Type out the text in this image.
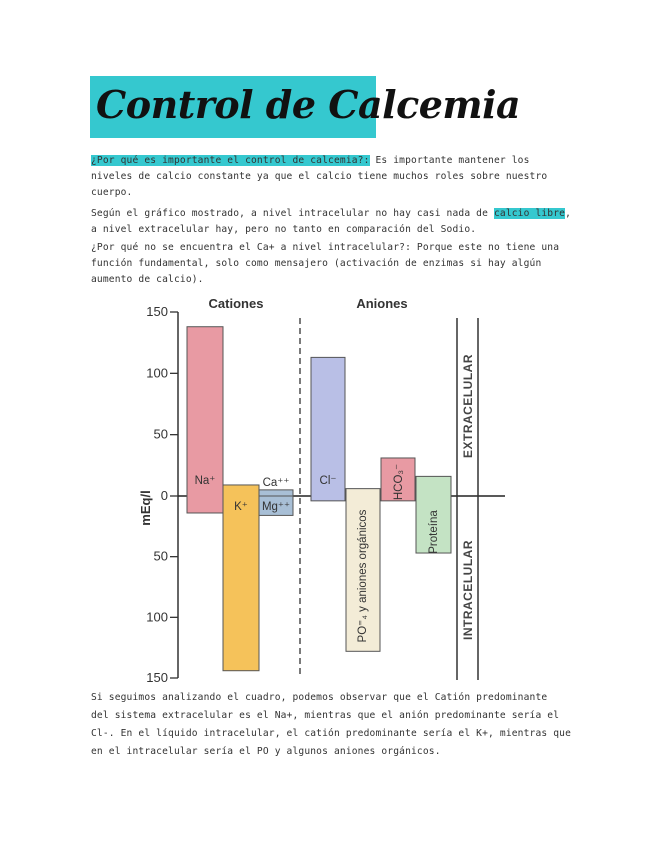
Control de Calcemia
¿Por qué es importante el control de calcemia?: Es importante mantener los
niveles de calcio constante ya que el calcio tiene muchos roles sobre nuestro
cuerpo.
Según el gráfico mostrado, a nivel intracelular no hay casi nada de calcio libre,
a nivel extracelular hay, pero no tanto en comparación del Sodio.
¿Por qué no se encuentra el Ca+ a nivel intracelular?: Porque este no tiene una
función fundamental, solo como mensajero (activación de enzimas si hay algún
aumento de calcio).
Cationes	Aniones
mEq/l
EXTRACELULAR
INTRACELULAR
Na⁺
K⁺
Ca⁺⁺
Mg⁺⁺
Cl⁻
PO⁼₄ y aniones orgánicos
HCO₃⁻
Proteína
150
100
50
0
50
100
150
Si seguimos analizando el cuadro, podemos observar que el Catión predominante
del sistema extracelular es el Na+, mientras que el anión predominante sería el
Cl-. En el líquido intracelular, el catión predominante sería el K+, mientras que
en el intracelular sería el PO y algunos aniones orgánicos.
